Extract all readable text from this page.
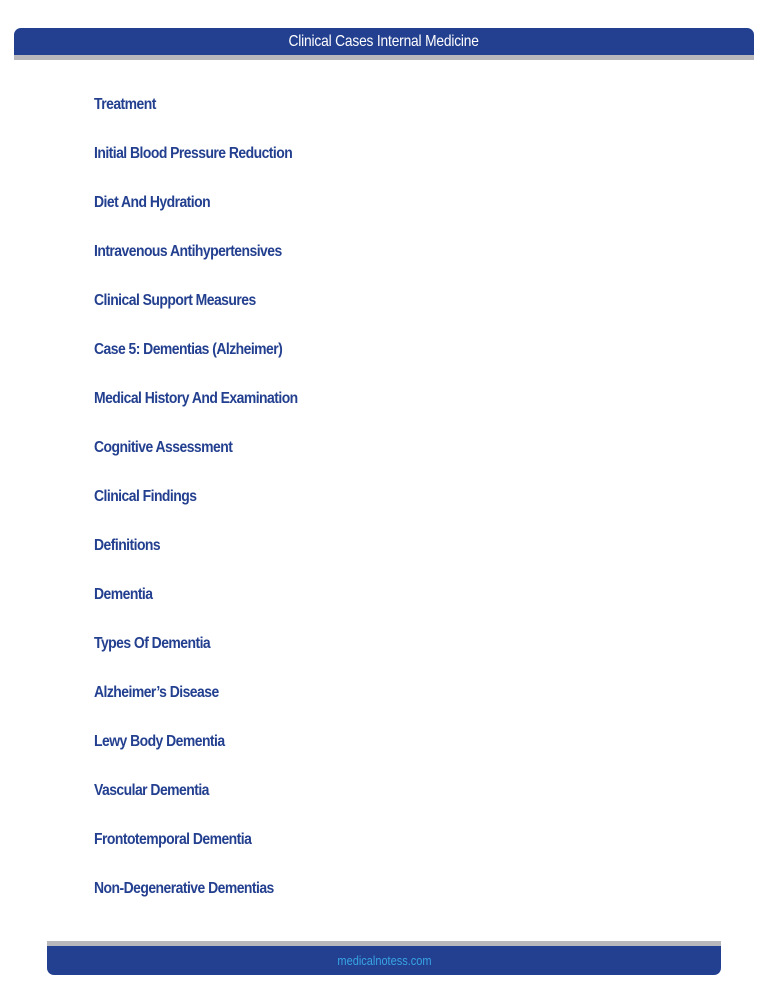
Clinical Cases Internal Medicine
Treatment
Initial Blood Pressure Reduction
Diet And Hydration
Intravenous Antihypertensives
Clinical Support Measures
Case 5: Dementias (Alzheimer)
Medical History And Examination
Cognitive Assessment
Clinical Findings
Definitions
Dementia
Types Of Dementia
Alzheimer’s Disease
Lewy Body Dementia
Vascular Dementia
Frontotemporal Dementia
Non-Degenerative Dementias
medicalnotess.com
